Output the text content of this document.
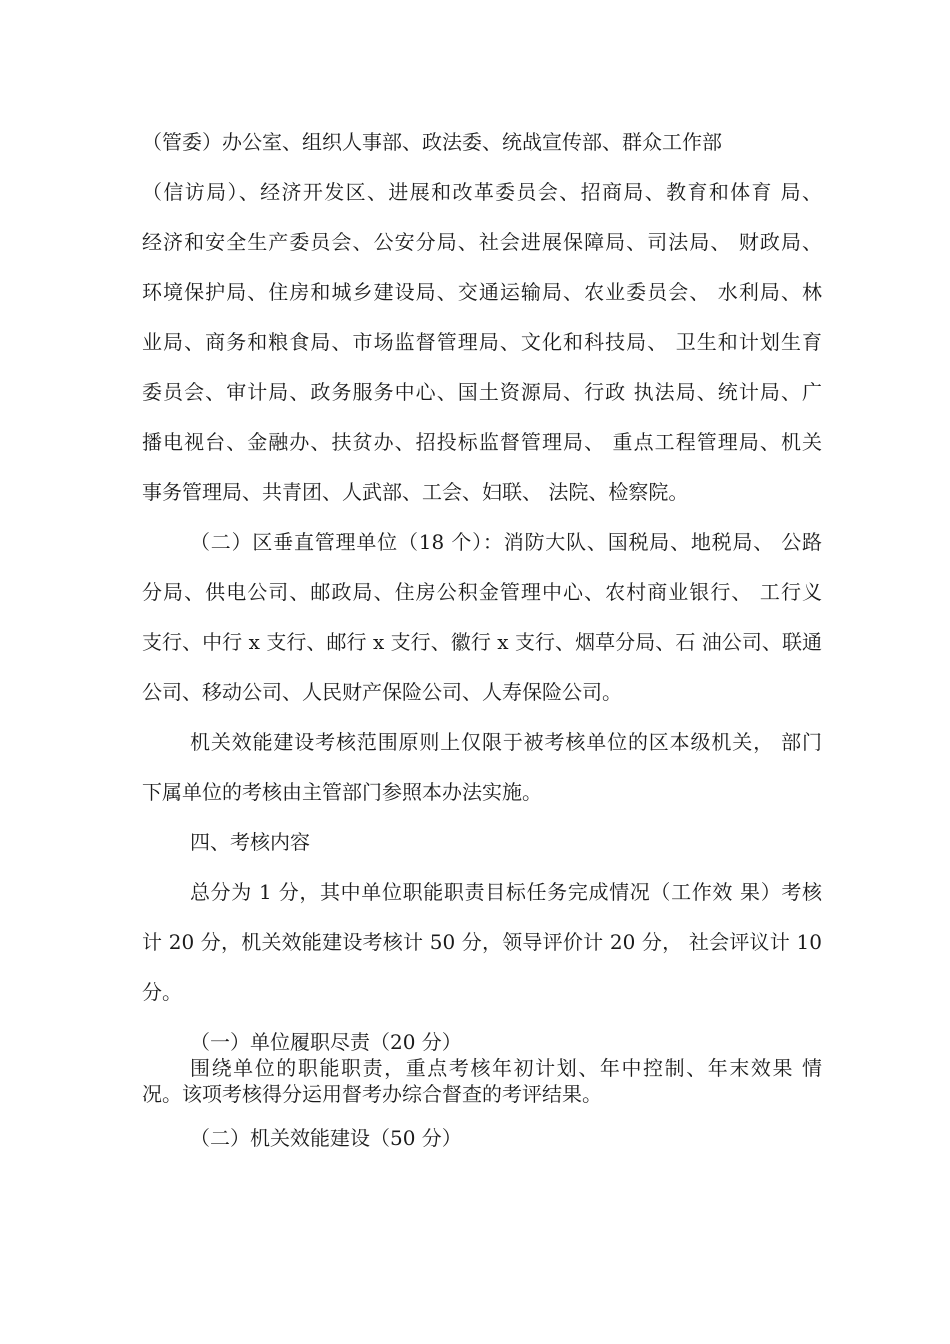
（管委）办公室、组织人事部、政法委、统战宣传部、群众工作部
（信访局）、经济开发区、进展和改革委员会、招商局、教育和体育 局、
经济和安全生产委员会、公安分局、社会进展保障局、司法局、 财政局、
环境保护局、住房和城乡建设局、交通运输局、农业委员会、 水利局、林
业局、商务和粮食局、市场监督管理局、文化和科技局、 卫生和计划生育
委员会、审计局、政务服务中心、国土资源局、行政 执法局、统计局、广
播电视台、金融办、扶贫办、招投标监督管理局、 重点工程管理局、机关
事务管理局、共青团、人武部、工会、妇联、 法院、检察院。
（二）区垂直管理单位（18 个）：消防大队、国税局、地税局、 公路
分局、供电公司、邮政局、住房公积金管理中心、农村商业银行、 工行义
支行、中行 x 支行、邮行 x 支行、徽行 x 支行、烟草分局、石 油公司、联通
公司、移动公司、人民财产保险公司、人寿保险公司。
机关效能建设考核范围原则上仅限于被考核单位的区本级机关， 部门
下属单位的考核由主管部门参照本办法实施。
四、考核内容
总分为 1 分，其中单位职能职责目标任务完成情况（工作效 果）考核
计 20 分，机关效能建设考核计 50 分，领导评价计 20 分， 社会评议计 10
分。
（一）单位履职尽责（20 分）
围绕单位的职能职责，重点考核年初计划、年中控制、年末效果 情
况。该项考核得分运用督考办综合督查的考评结果。
（二）机关效能建设（50 分）
